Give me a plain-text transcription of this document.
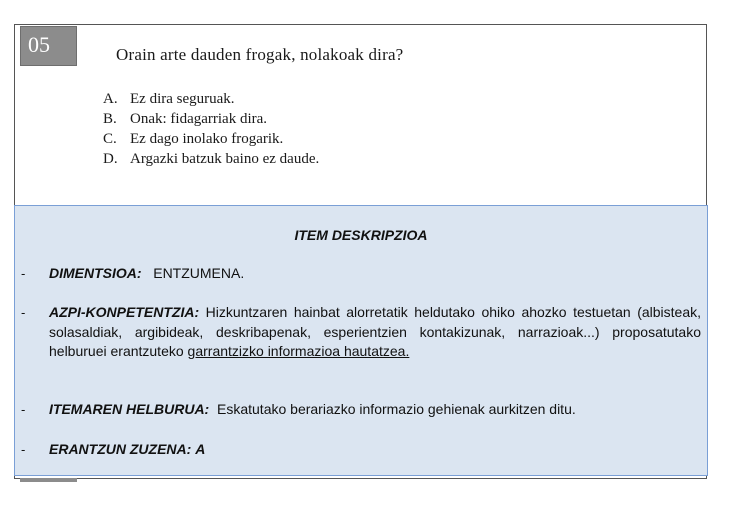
05	Orain arte dauden frogak, nolakoak dira?
A. Ez dira seguruak.
B. Onak: fidagarriak dira.
C. Ez dago inolako frogarik.
D. Argazki batzuk baino ez daude.
ITEM DESKRIPZIOA
- DIMENTSIOA: ENTZUMENA.
- AZPI-KONPETENTZIA: Hizkuntzaren hainbat alorretatik heldutako ohiko ahozko testuetan (albisteak, solasaldiak, argibideak, deskribapenak, esperientzien kontakizunak, narrazioak...) proposatutako helburuei erantzuteko garrantzizko informazioa hautatzea.
- ITEMAREN HELBURUA: Eskatutako berariazko informazio gehienak aurkitzen ditu.
- ERANTZUN ZUZENA: A
